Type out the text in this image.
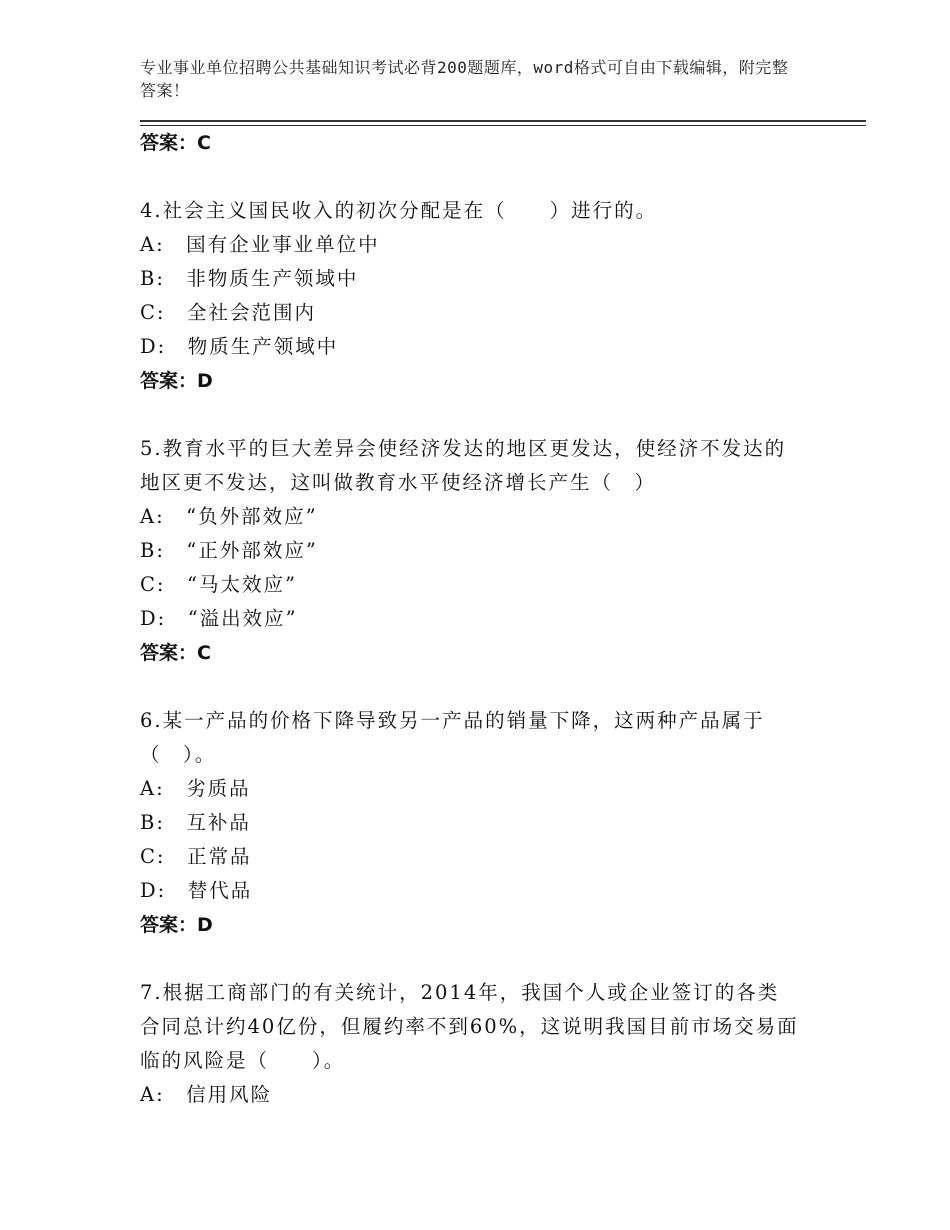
专业事业单位招聘公共基础知识考试必背200题题库，word格式可自由下载编辑，附完整答案！
答案：C
4.社会主义国民收入的初次分配是在（　　）进行的。
A:　国有企业事业单位中
B:　非物质生产领域中
C:　全社会范围内
D:　物质生产领域中
答案：D
5.教育水平的巨大差异会使经济发达的地区更发达，使经济不发达的地区更不发达，这叫做教育水平使经济增长产生（　）
A:　“负外部效应”
B:　“正外部效应”
C:　“马太效应”
D:　“溢出效应”
答案：C
6.某一产品的价格下降导致另一产品的销量下降，这两种产品属于（　）。
A:　劣质品
B:　互补品
C:　正常品
D:　替代品
答案：D
7.根据工商部门的有关统计，2014年，我国个人或企业签订的各类合同总计约40亿份，但履约率不到60%，这说明我国目前市场交易面临的风险是（　　）。
A:　信用风险
